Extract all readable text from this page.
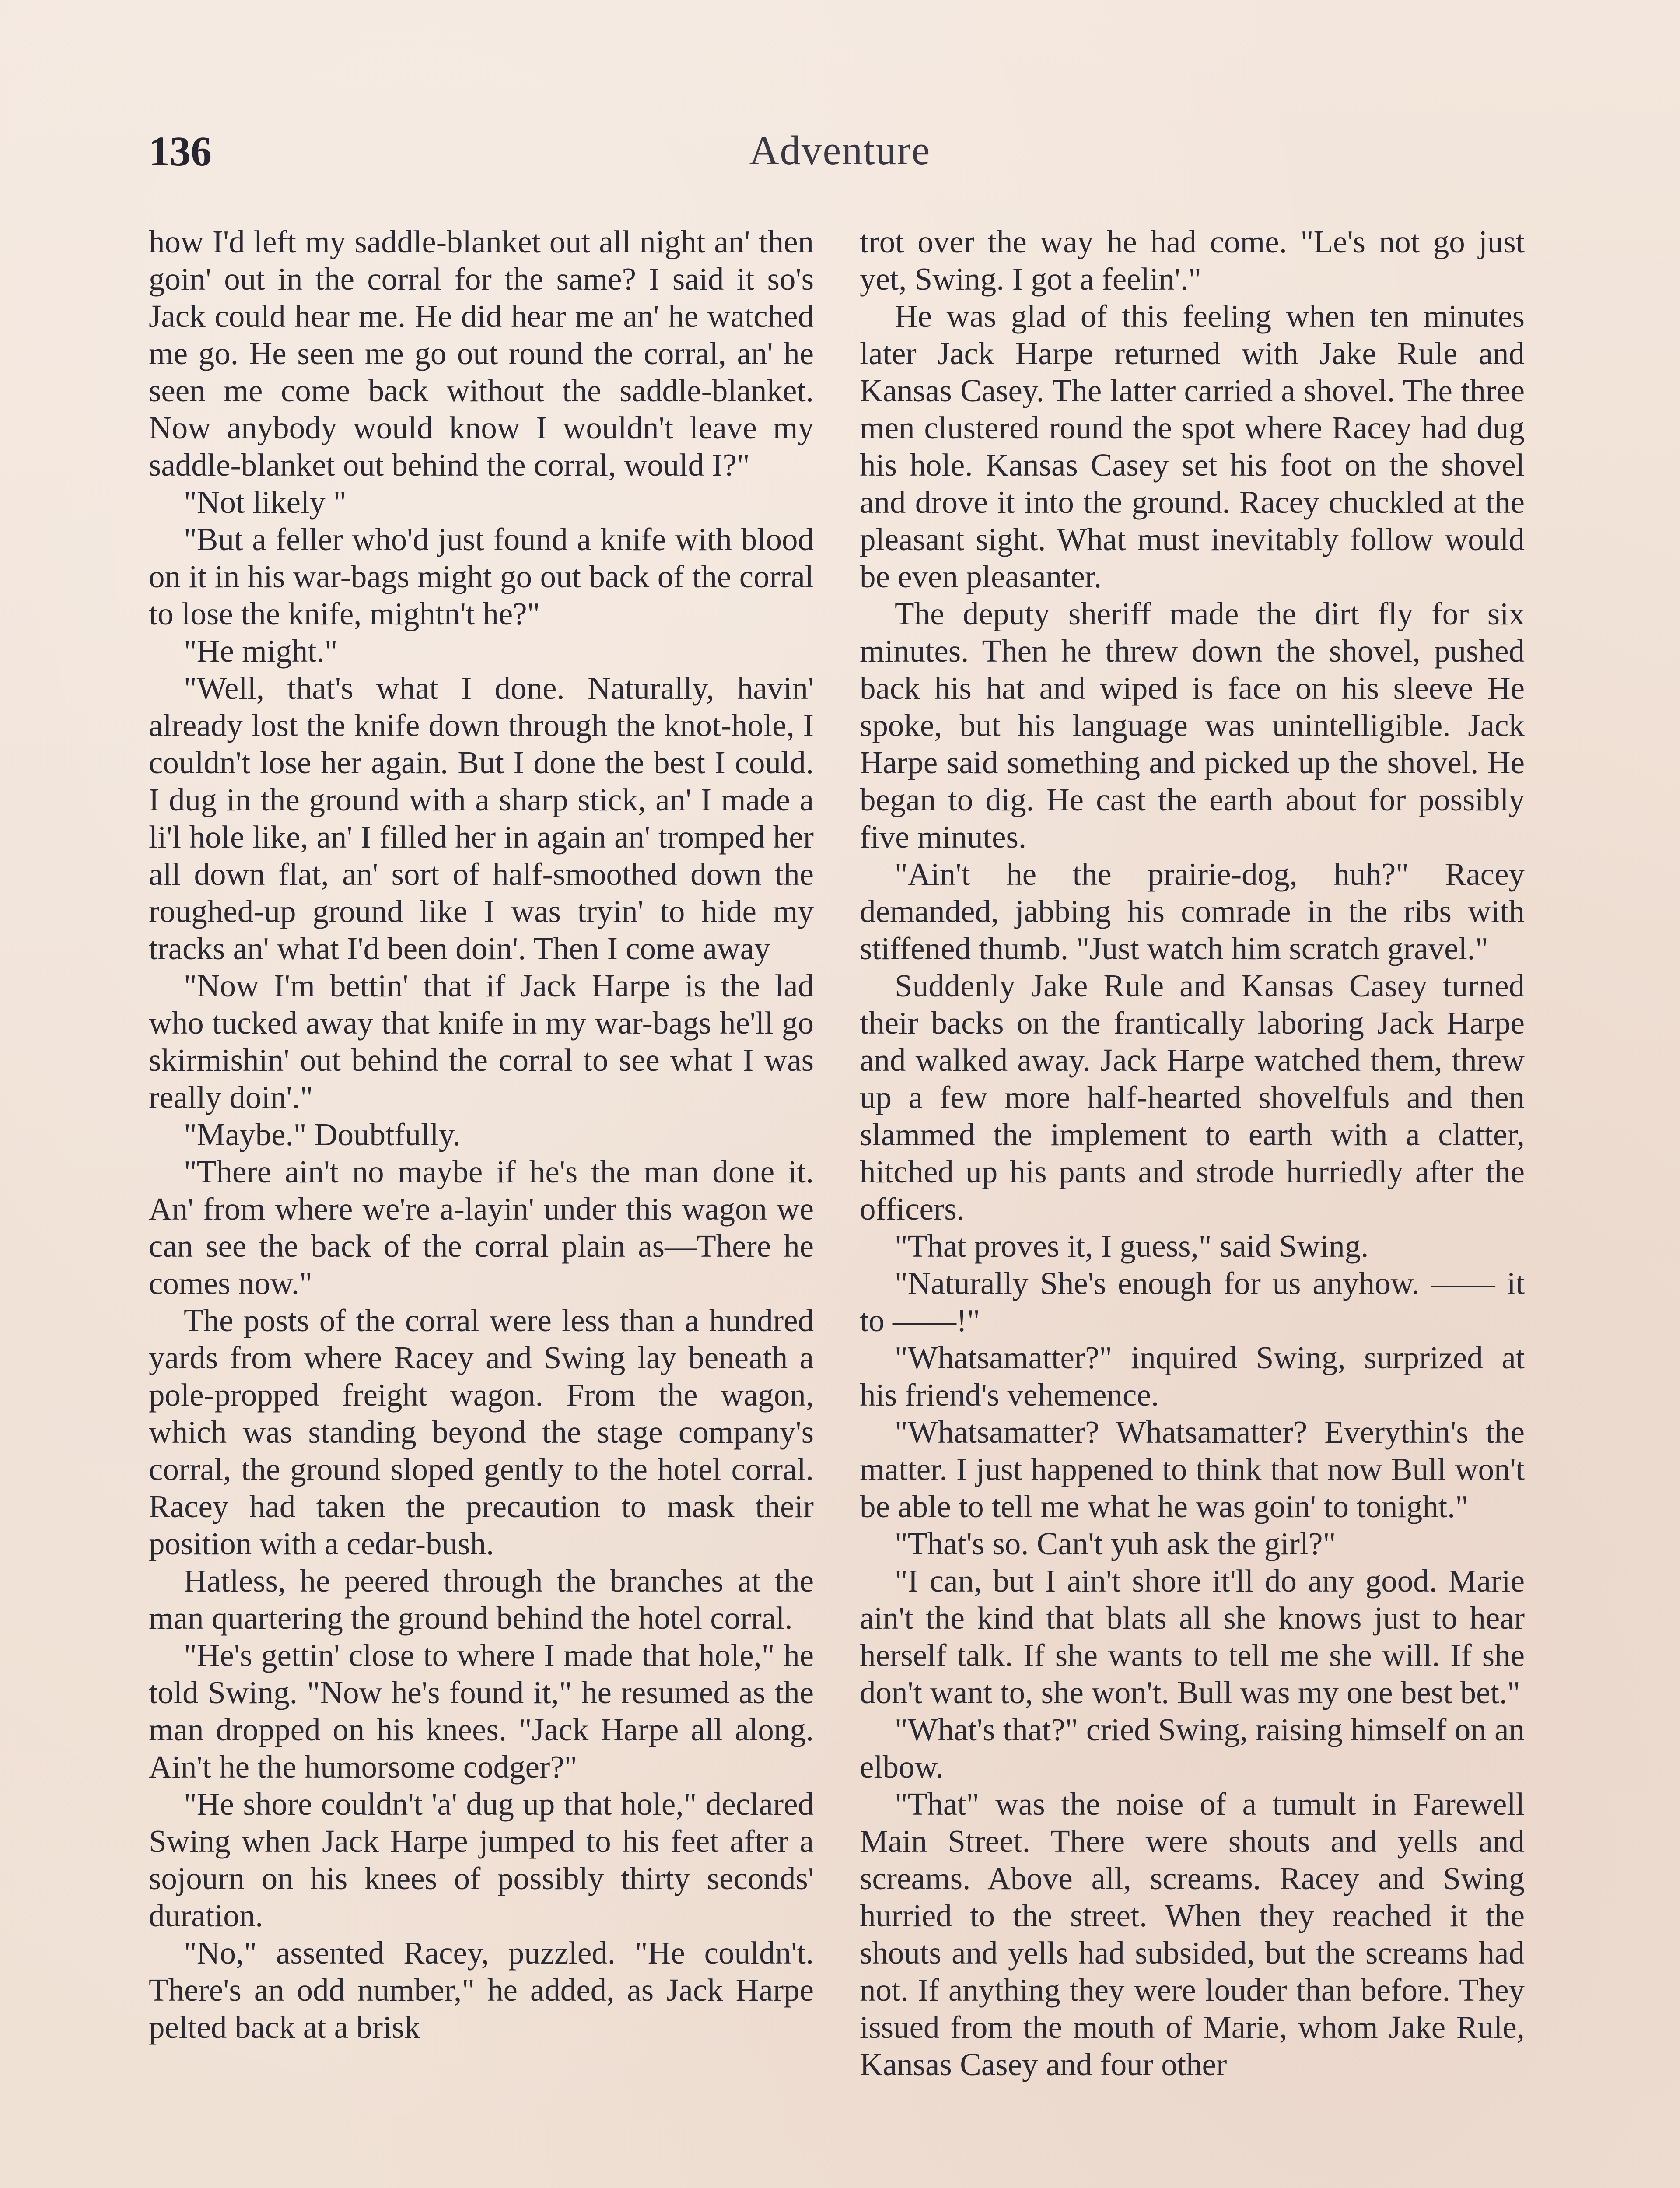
136	Adventure

how I'd left my saddle-blanket out all night an' then goin' out in the corral for the same? I said it so's Jack could hear me. He did hear me an' he watched me go. He seen me go out round the corral, an' he seen me come back without the saddle-blanket. Now anybody would know I wouldn't leave my saddle-blanket out behind the corral, would I?"

"Not likely "

"But a feller who'd just found a knife with blood on it in his war-bags might go out back of the corral to lose the knife, mightn't he?"

"He might."

"Well, that's what I done. Naturally, havin' already lost the knife down through the knot-hole, I couldn't lose her again. But I done the best I could. I dug in the ground with a sharp stick, an' I made a li'l hole like, an' I filled her in again an' tromped her all down flat, an' sort of half-smoothed down the roughed-up ground like I was tryin' to hide my tracks an' what I'd been doin'. Then I come away

"Now I'm bettin' that if Jack Harpe is the lad who tucked away that knife in my war-bags he'll go skirmishin' out behind the corral to see what I was really doin'."

"Maybe." Doubtfully.

"There ain't no maybe if he's the man done it. An' from where we're a-layin' under this wagon we can see the back of the corral plain as—There he comes now."

The posts of the corral were less than a hundred yards from where Racey and Swing lay beneath a pole-propped freight wagon. From the wagon, which was standing beyond the stage company's corral, the ground sloped gently to the hotel corral. Racey had taken the precaution to mask their position with a cedar-bush.

Hatless, he peered through the branches at the man quartering the ground behind the hotel corral.

"He's gettin' close to where I made that hole," he told Swing. "Now he's found it," he resumed as the man dropped on his knees. "Jack Harpe all along. Ain't he the humorsome codger?"

"He shore couldn't 'a' dug up that hole," declared Swing when Jack Harpe jumped to his feet after a sojourn on his knees of possibly thirty seconds' duration.

"No," assented Racey, puzzled. "He couldn't. There's an odd number," he added, as Jack Harpe pelted back at a brisk

trot over the way he had come. "Le's not go just yet, Swing. I got a feelin'."

He was glad of this feeling when ten minutes later Jack Harpe returned with Jake Rule and Kansas Casey. The latter carried a shovel. The three men clustered round the spot where Racey had dug his hole. Kansas Casey set his foot on the shovel and drove it into the ground. Racey chuckled at the pleasant sight. What must inevitably follow would be even pleasanter.

The deputy sheriff made the dirt fly for six minutes. Then he threw down the shovel, pushed back his hat and wiped is face on his sleeve He spoke, but his language was unintelligible. Jack Harpe said something and picked up the shovel. He began to dig. He cast the earth about for possibly five minutes.

"Ain't he the prairie-dog, huh?" Racey demanded, jabbing his comrade in the ribs with stiffened thumb. "Just watch him scratch gravel."

Suddenly Jake Rule and Kansas Casey turned their backs on the frantically laboring Jack Harpe and walked away. Jack Harpe watched them, threw up a few more half-hearted shovelfuls and then slammed the implement to earth with a clatter, hitched up his pants and strode hurriedly after the officers.

"That proves it, I guess," said Swing.

"Naturally She's enough for us anyhow. —— it to ——!"

"Whatsamatter?" inquired Swing, surprized at his friend's vehemence.

"Whatsamatter? Whatsamatter? Everythin's the matter. I just happened to think that now Bull won't be able to tell me what he was goin' to tonight."

"That's so. Can't yuh ask the girl?"

"I can, but I ain't shore it'll do any good. Marie ain't the kind that blats all she knows just to hear herself talk. If she wants to tell me she will. If she don't want to, she won't. Bull was my one best bet."

"What's that?" cried Swing, raising himself on an elbow.

"That" was the noise of a tumult in Farewell Main Street. There were shouts and yells and screams. Above all, screams. Racey and Swing hurried to the street. When they reached it the shouts and yells had subsided, but the screams had not. If anything they were louder than before. They issued from the mouth of Marie, whom Jake Rule, Kansas Casey and four other
